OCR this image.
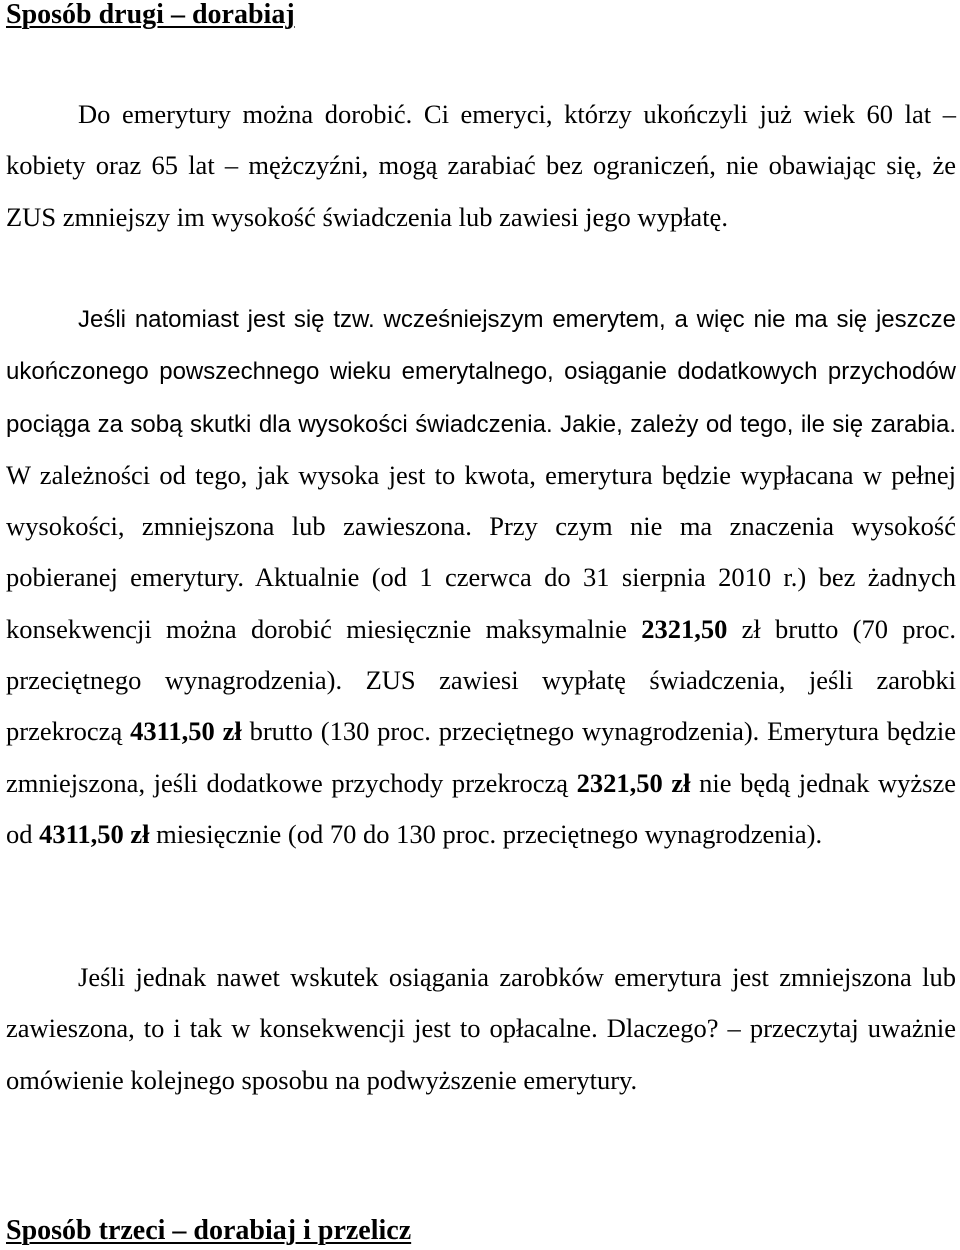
Sposób drugi – dorabiaj

Do emerytury można dorobić. Ci emeryci, którzy ukończyli już wiek 60 lat – kobiety oraz 65 lat – mężczyźni, mogą zarabiać bez ograniczeń, nie obawiając się, że ZUS zmniejszy im wysokość świadczenia lub zawiesi jego wypłatę.

Jeśli natomiast jest się tzw. wcześniejszym emerytem, a więc nie ma się jeszcze ukończonego powszechnego wieku emerytalnego, osiąganie dodatkowych przychodów pociąga za sobą skutki dla wysokości świadczenia. Jakie, zależy od tego, ile się zarabia. W zależności od tego, jak wysoka jest to kwota, emerytura będzie wypłacana w pełnej wysokości, zmniejszona lub zawieszona. Przy czym nie ma znaczenia wysokość pobieranej emerytury. Aktualnie (od 1 czerwca do 31 sierpnia 2010 r.) bez żadnych konsekwencji można dorobić miesięcznie maksymalnie 2321,50 zł brutto (70 proc. przeciętnego wynagrodzenia). ZUS zawiesi wypłatę świadczenia, jeśli zarobki przekroczą 4311,50 zł brutto (130 proc. przeciętnego wynagrodzenia). Emerytura będzie zmniejszona, jeśli dodatkowe przychody przekroczą 2321,50 zł nie będą jednak wyższe od 4311,50 zł miesięcznie (od 70 do 130 proc. przeciętnego wynagrodzenia).

Jeśli jednak nawet wskutek osiągania zarobków emerytura jest zmniejszona lub zawieszona, to i tak w konsekwencji jest to opłacalne. Dlaczego? – przeczytaj uważnie omówienie kolejnego sposobu na podwyższenie emerytury.

Sposób trzeci – dorabiaj i przelicz
